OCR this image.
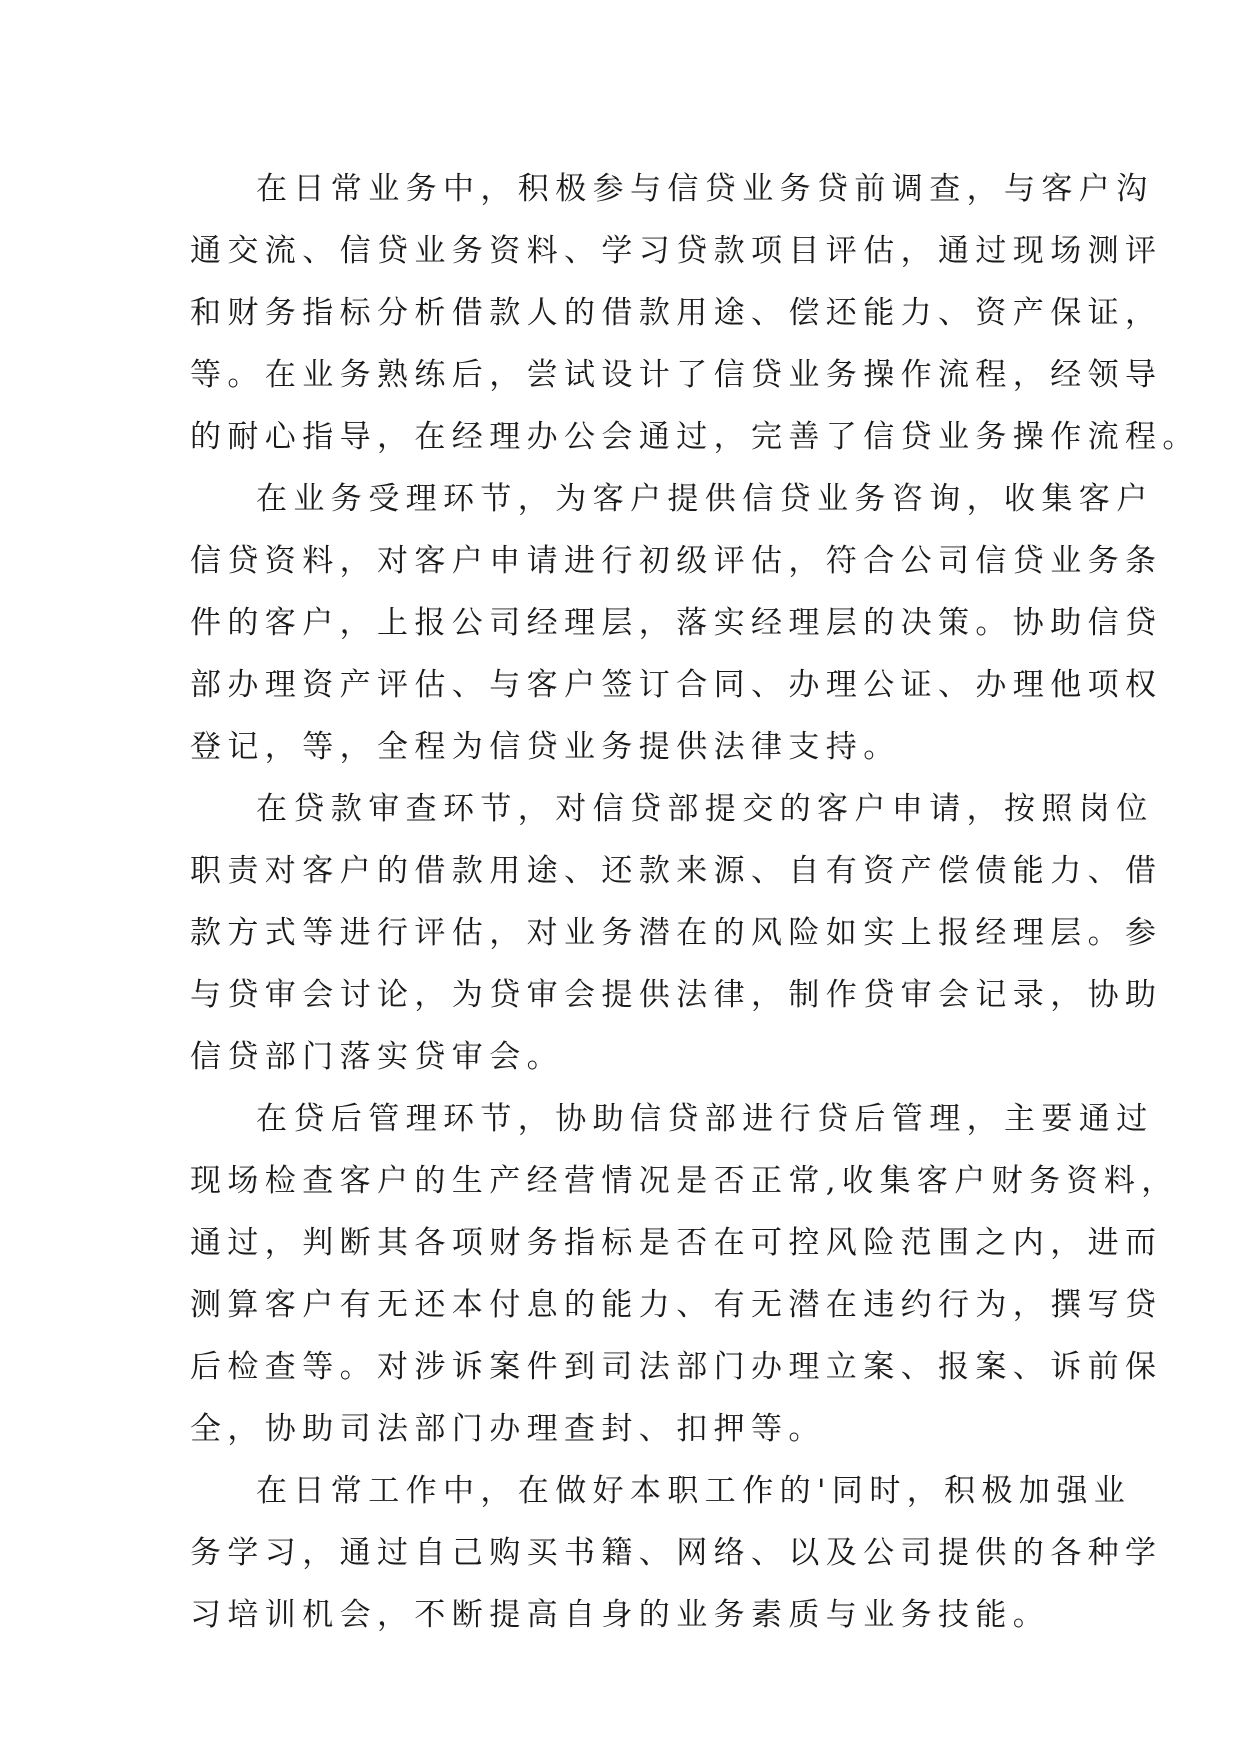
在日常业务中，积极参与信贷业务贷前调查，与客户沟
通交流、信贷业务资料、学习贷款项目评估，通过现场测评
和财务指标分析借款人的借款用途、偿还能力、资产保证，
等。在业务熟练后，尝试设计了信贷业务操作流程，经领导
的耐心指导，在经理办公会通过，完善了信贷业务操作流程。
在业务受理环节，为客户提供信贷业务咨询，收集客户
信贷资料，对客户申请进行初级评估，符合公司信贷业务条
件的客户，上报公司经理层，落实经理层的决策。协助信贷
部办理资产评估、与客户签订合同、办理公证、办理他项权
登记，等，全程为信贷业务提供法律支持。
在贷款审查环节，对信贷部提交的客户申请，按照岗位
职责对客户的借款用途、还款来源、自有资产偿债能力、借
款方式等进行评估，对业务潜在的风险如实上报经理层。参
与贷审会讨论，为贷审会提供法律，制作贷审会记录，协助
信贷部门落实贷审会。
在贷后管理环节，协助信贷部进行贷后管理，主要通过
现场检查客户的生产经营情况是否正常,收集客户财务资料，
通过，判断其各项财务指标是否在可控风险范围之内，进而
测算客户有无还本付息的能力、有无潜在违约行为，撰写贷
后检查等。对涉诉案件到司法部门办理立案、报案、诉前保
全，协助司法部门办理查封、扣押等。
在日常工作中，在做好本职工作的'同时，积极加强业
务学习，通过自己购买书籍、网络、以及公司提供的各种学
习培训机会，不断提高自身的业务素质与业务技能。
